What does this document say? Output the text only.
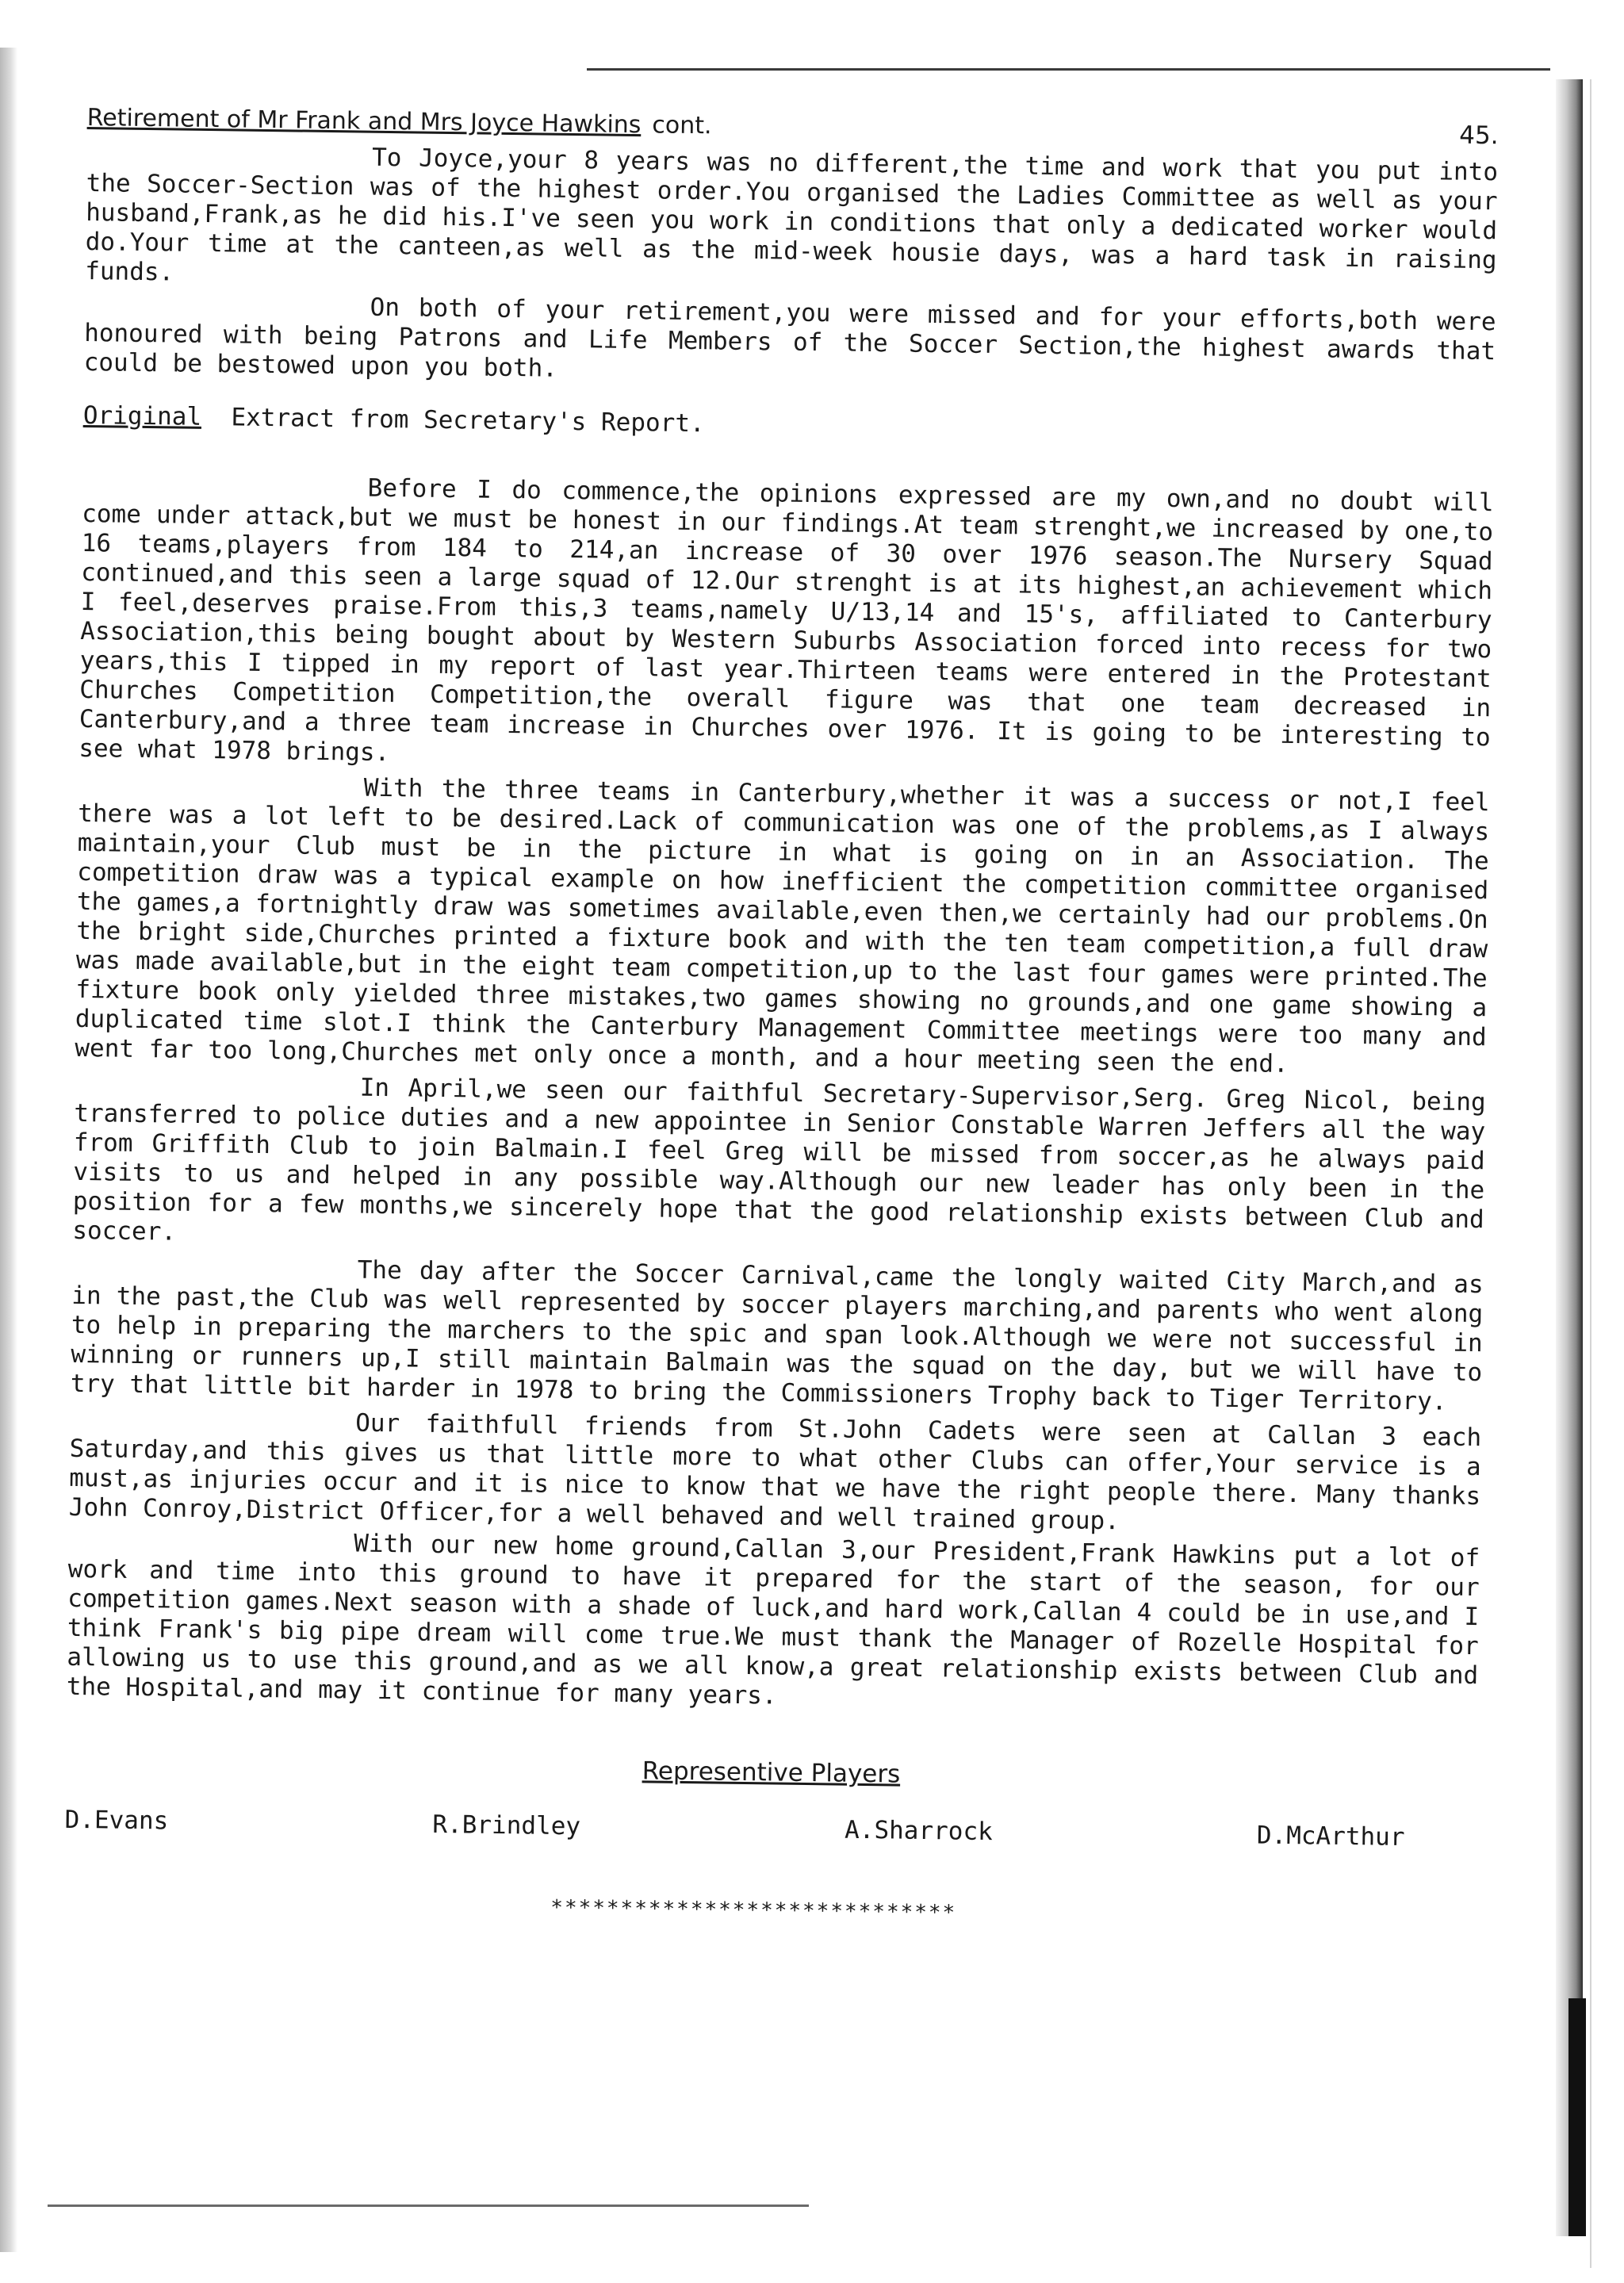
Retirement of Mr Frank and Mrs Joyce Hawkins cont.	45.

To Joyce,your 8 years was no different,the time and work that you put into the Soccer-Section was of the highest order.You organised the Ladies Committee as well as your husband,Frank,as he did his.I've seen you work in conditions that only a dedicated worker would do.Your time at the canteen,as well as the mid-week housie days, was a hard task in raising funds.

On both of your retirement,you were missed and for your efforts,both were honoured with being Patrons and Life Members of the Soccer Section,the highest awards that could be bestowed upon you both.

Original Extract from Secretary's Report.

Before I do commence,the opinions expressed are my own,and no doubt will come under attack,but we must be honest in our findings.At team strenght,we increased by one,to 16 teams,players from 184 to 214,an increase of 30 over 1976 season.The Nursery Squad continued,and this seen a large squad of 12.Our strenght is at its highest,an achievement which I feel,deserves praise.From this,3 teams,namely U/13,14 and 15's, affiliated to Canterbury Association,this being bought about by Western Suburbs Association forced into recess for two years,this I tipped in my report of last year.Thirteen teams were entered in the Protestant Churches Competition Competition,the overall figure was that one team decreased in Canterbury,and a three team increase in Churches over 1976. It is going to be interesting to see what 1978 brings.

With the three teams in Canterbury,whether it was a success or not,I feel there was a lot left to be desired.Lack of communication was one of the problems,as I always maintain,your Club must be in the picture in what is going on in an Association. The competition draw was a typical example on how inefficient the competition committee organised the games,a fortnightly draw was sometimes available,even then,we certainly had our problems.On the bright side,Churches printed a fixture book and with the ten team competition,a full draw was made available,but in the eight team competition,up to the last four games were printed.The fixture book only yielded three mistakes,two games showing no grounds,and one game showing a duplicated time slot.I think the Canterbury Management Committee meetings were too many and went far too long,Churches met only once a month, and a hour meeting seen the end.

In April,we seen our faithful Secretary-Supervisor,Serg. Greg Nicol, being transferred to police duties and a new appointee in Senior Constable Warren Jeffers all the way from Griffith Club to join Balmain.I feel Greg will be missed from soccer,as he always paid visits to us and helped in any possible way.Although our new leader has only been in the position for a few months,we sincerely hope that the good relationship exists between Club and soccer.

The day after the Soccer Carnival,came the longly waited City March,and as in the past,the Club was well represented by soccer players marching,and parents who went along to help in preparing the marchers to the spic and span look.Although we were not successful in winning or runners up,I still maintain Balmain was the squad on the day, but we will have to try that little bit harder in 1978 to bring the Commissioners Trophy back to Tiger Territory.

Our faithfull friends from St.John Cadets were seen at Callan 3 each Saturday,and this gives us that little more to what other Clubs can offer,Your service is a must,as injuries occur and it is nice to know that we have the right people there. Many thanks John Conroy,District Officer,for a well behaved and well trained group.

With our new home ground,Callan 3,our President,Frank Hawkins put a lot of work and time into this ground to have it prepared for the start of the season, for our competition games.Next season with a shade of luck,and hard work,Callan 4 could be in use,and I think Frank's big pipe dream will come true.We must thank the Manager of Rozelle Hospital for allowing us to use this ground,and as we all know,a great relationship exists between Club and the Hospital,and may it continue for many years.

Representive Players
D.Evans	R.Brindley	A.Sharrock	D.McArthur
*****************************
